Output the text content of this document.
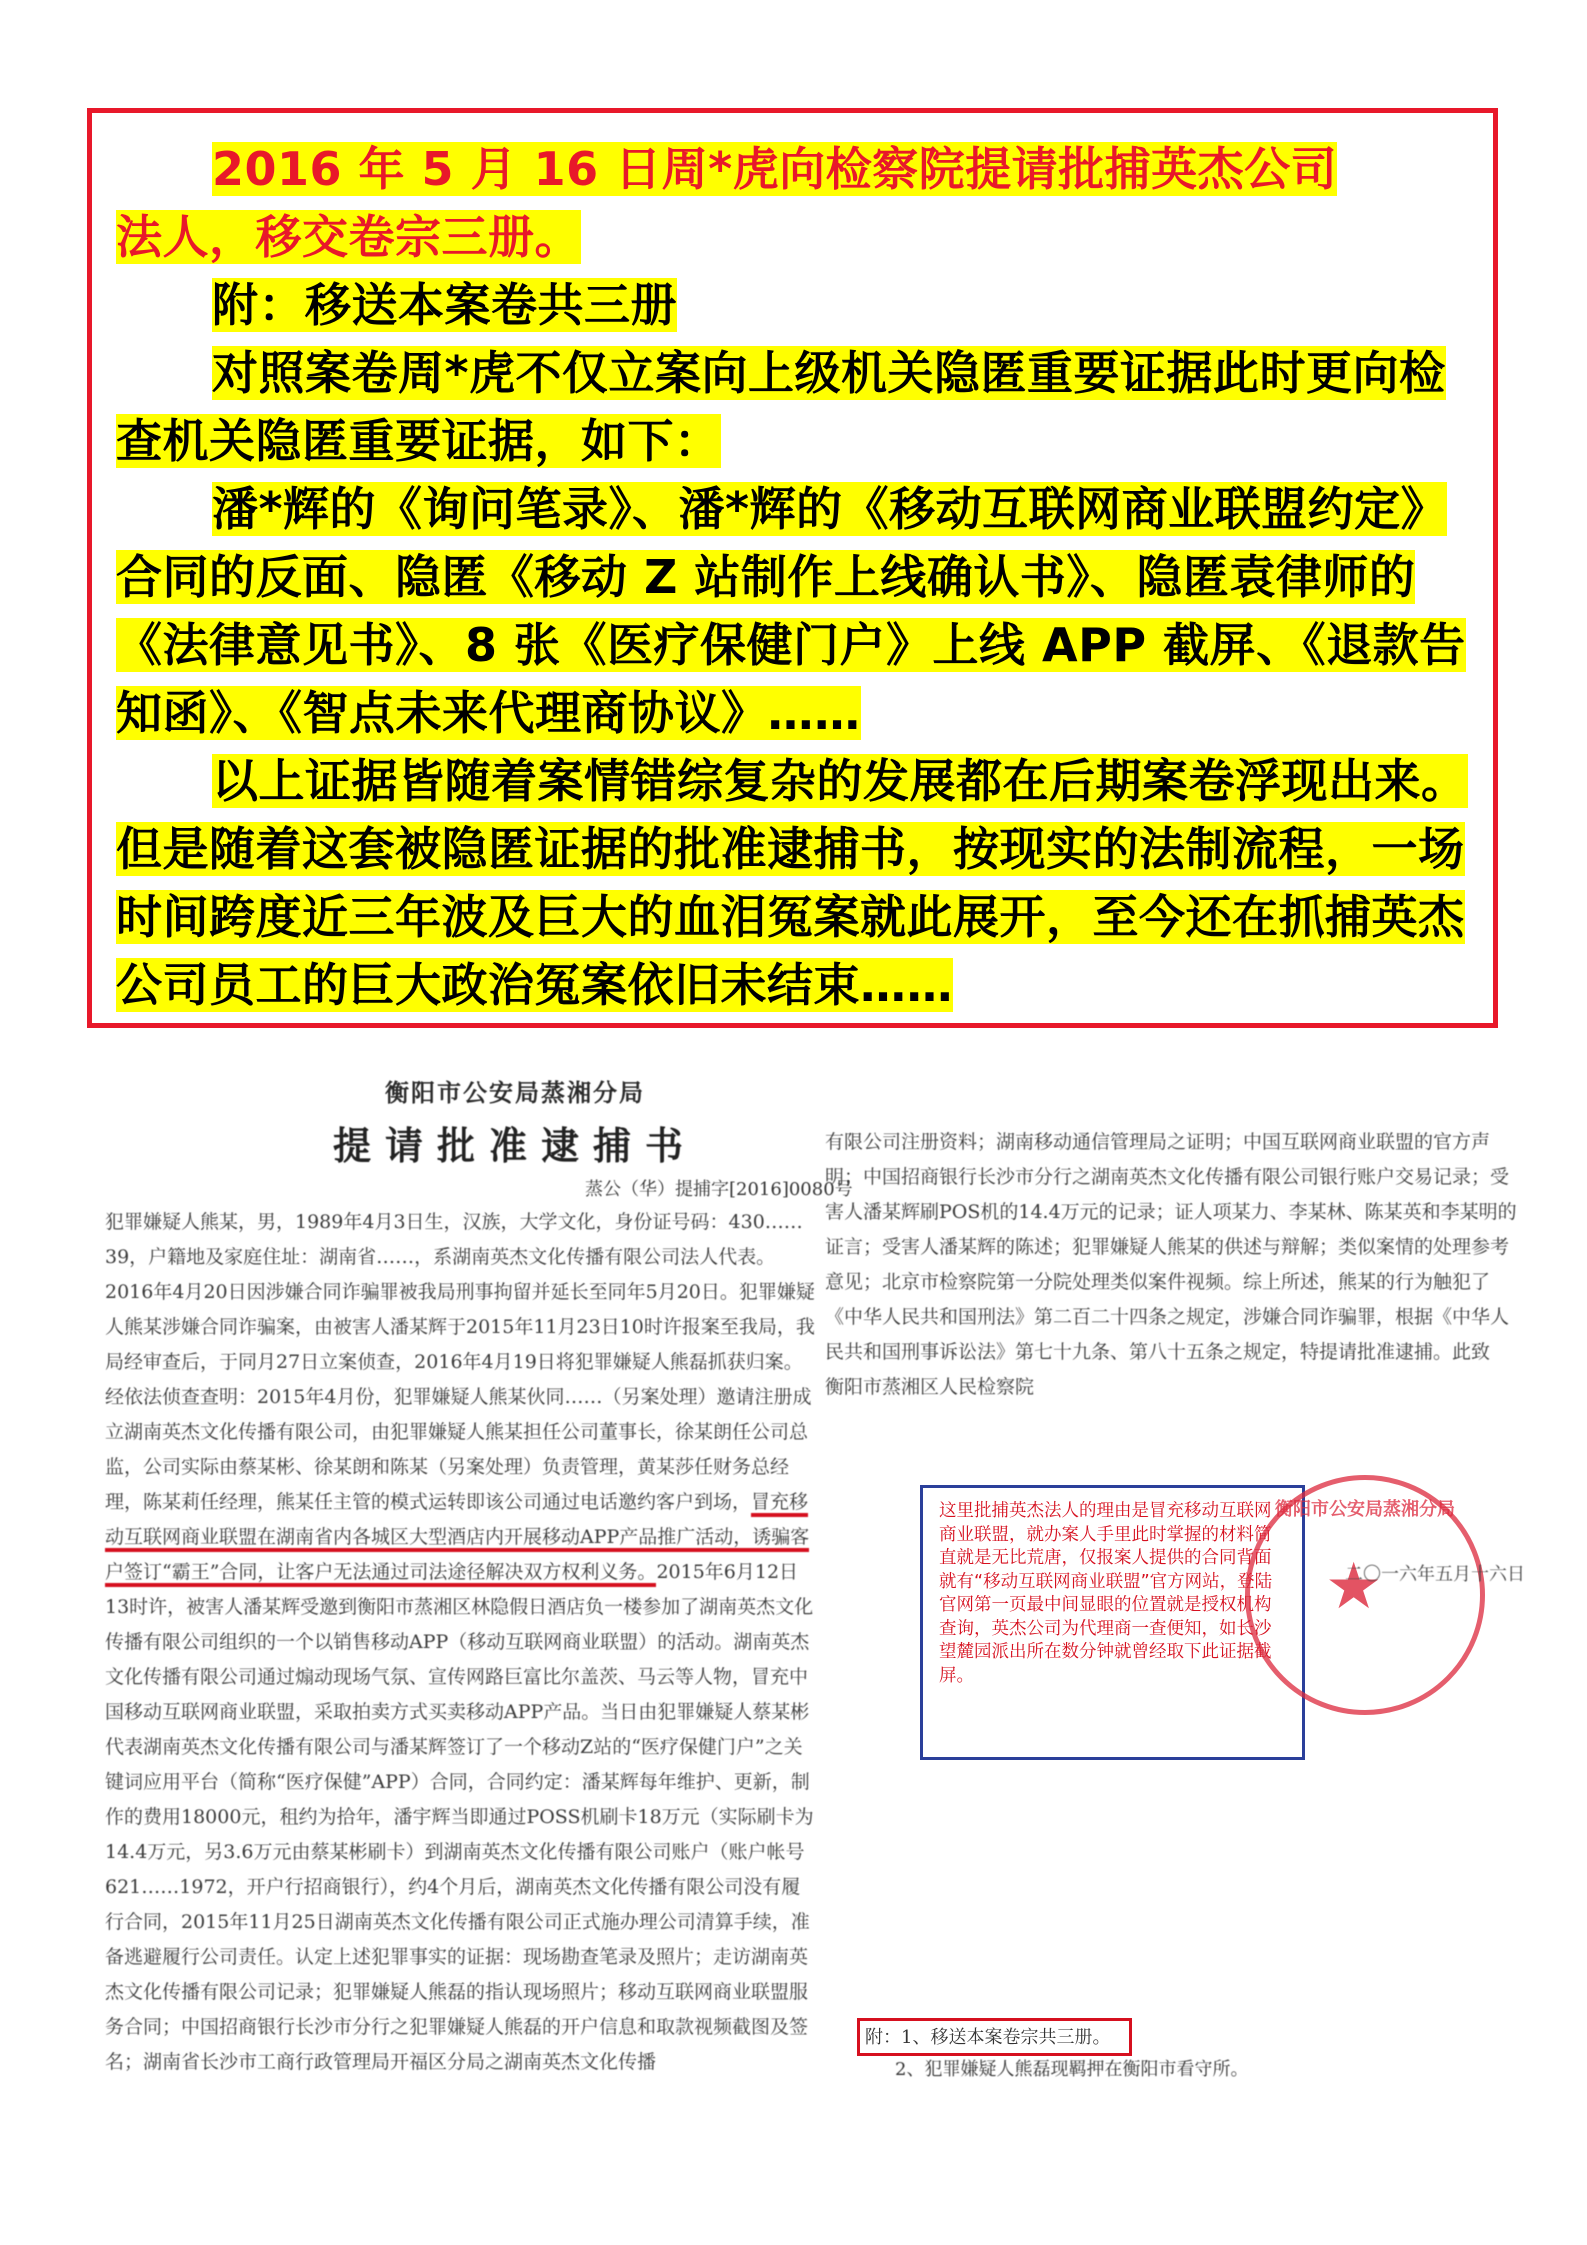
2016 年 5 月 16 日周*虎向检察院提请批捕英杰公司

法人，移交卷宗三册。

附：移送本案卷共三册

对照案卷周*虎不仅立案向上级机关隐匿重要证据此时更向检查机关隐匿重要证据，如下：

潘*辉的《询问笔录》、潘*辉的《移动互联网商业联盟约定》合同的反面、隐匿《移动 Z 站制作上线确认书》、隐匿袁律师的《法律意见书》、8 张《医疗保健门户》上线 APP 截屏、《退款告知函》、《智点未来代理商协议》……

以上证据皆随着案情错综复杂的发展都在后期案卷浮现出来。但是随着这套被隐匿证据的批准逮捕书，按现实的法制流程，一场时间跨度近三年波及巨大的血泪冤案就此展开，至今还在抓捕英杰公司员工的巨大政治冤案依旧未结束……

衡阳市公安局蒸湘分局
提请批准逮捕书
蒸公（华）提捕字[2016]0080号
犯罪嫌疑人熊某，男，1989年4月3日生，汉族，大学文化，身份证号码：430……39，户籍地及家庭住址：湖南省……，系湖南英杰文化传播有限公司法人代表。2016年4月20日因涉嫌合同诈骗罪被我局刑事拘留并延长至同年5月20日。犯罪嫌疑人熊某涉嫌合同诈骗案，由被害人潘某辉于2015年11月23日10时许报案至我局，我局经审查后，于同月27日立案侦查，2016年4月19日将犯罪嫌疑人熊磊抓获归案。经依法侦查查明：2015年4月份，犯罪嫌疑人熊某伙同……（另案处理）邀请注册成立湖南英杰文化传播有限公司，由犯罪嫌疑人熊某担任公司董事长，徐某朗任公司总监，公司实际由蔡某彬、徐某朗和陈某（另案处理）负责管理，黄某莎任财务总经理，陈某莉任经理，熊某任主管的模式运转即该公司通过电话邀约客户到场，冒充移动互联网商业联盟在湖南省内各城区大型酒店内开展移动APP产品推广活动，诱骗客户签订“霸王”合同，让客户无法通过司法途径解决双方权利义务。2015年6月12日13时许，被害人潘某辉受邀到衡阳市蒸湘区林隐假日酒店负一楼参加了湖南英杰文化传播有限公司组织的一个以销售移动APP（移动互联网商业联盟）的活动。湖南英杰文化传播有限公司通过煽动现场气氛、宣传网路巨富比尔盖茨、马云等人物，冒充中国移动互联网商业联盟，采取拍卖方式买卖移动APP产品。当日由犯罪嫌疑人蔡某彬代表湖南英杰文化传播有限公司与潘某辉签订了一个移动Z站的“医疗保健门户”之关键词应用平台（简称“医疗保健”APP）合同，合同约定：潘某辉每年维护、更新，制作的费用18000元，租约为拾年，潘宇辉当即通过POSS机刷卡18万元（实际刷卡为14.4万元，另3.6万元由蔡某彬刷卡）到湖南英杰文化传播有限公司账户（账户帐号621……1972，开户行招商银行），约4个月后，湖南英杰文化传播有限公司没有履行合同，2015年11月25日湖南英杰文化传播有限公司正式施办理公司清算手续，准备逃避履行公司责任。认定上述犯罪事实的证据：现场勘查笔录及照片；走访湖南英杰文化传播有限公司记录；犯罪嫌疑人熊磊的指认现场照片；移动互联网商业联盟服务合同；中国招商银行长沙市分行之犯罪嫌疑人熊磊的开户信息和取款视频截图及签名；湖南省长沙市工商行政管理局开福区分局之湖南英杰文化传播
有限公司注册资料；湖南移动通信管理局之证明；中国互联网商业联盟的官方声明；中国招商银行长沙市分行之湖南英杰文化传播有限公司银行账户交易记录；受害人潘某辉刷POS机的14.4万元的记录；证人项某力、李某林、陈某英和李某明的证言；受害人潘某辉的陈述；犯罪嫌疑人熊某的供述与辩解；类似案情的处理参考意见；北京市检察院第一分院处理类似案件视频。综上所述，熊某的行为触犯了《中华人民共和国刑法》第二百二十四条之规定，涉嫌合同诈骗罪，根据《中华人民共和国刑事诉讼法》第七十九条、第八十五条之规定，特提请批准逮捕。此致
衡阳市蒸湘区人民检察院
这里批捕英杰法人的理由是冒充移动互联网商业联盟，就办案人手里此时掌握的材料简直就是无比荒唐，仅报案人提供的合同背面就有“移动互联网商业联盟”官方网站，登陆官网第一页最中间显眼的位置就是授权机构查询，英杰公司为代理商一查便知，如长沙望麓园派出所在数分钟就曾经取下此证据截屏。
衡阳市公安局蒸湘分局
★
二〇一六年五月十六日
附：1、移送本案卷宗共三册。
2、犯罪嫌疑人熊磊现羁押在衡阳市看守所。
